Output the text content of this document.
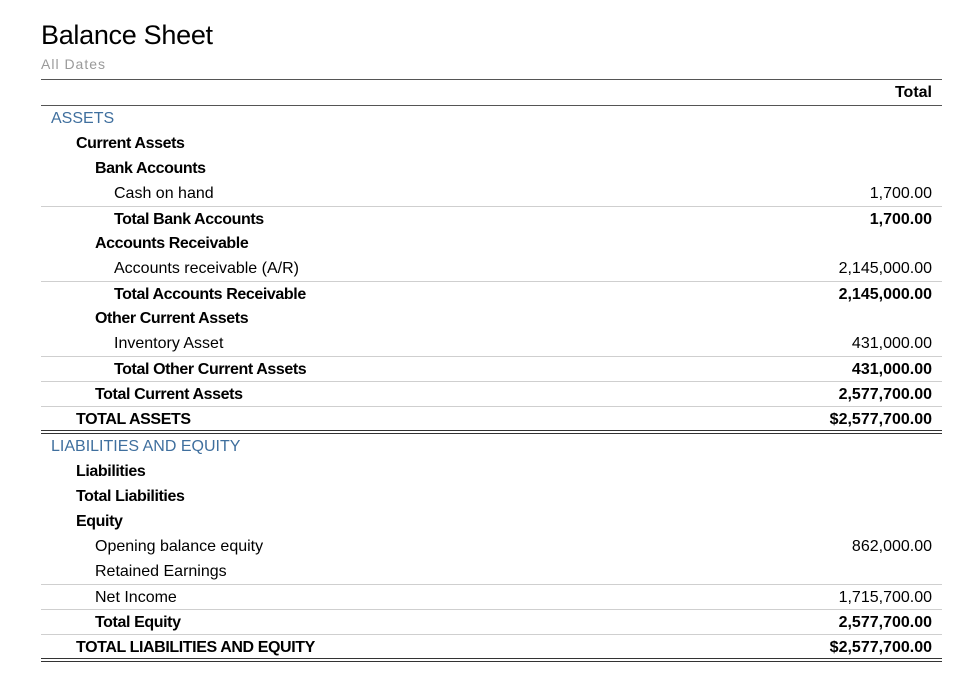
Balance Sheet
All Dates
Total
ASSETS
Current Assets
Bank Accounts
Cash on hand	1,700.00
Total Bank Accounts	1,700.00
Accounts Receivable
Accounts receivable (A/R)	2,145,000.00
Total Accounts Receivable	2,145,000.00
Other Current Assets
Inventory Asset	431,000.00
Total Other Current Assets	431,000.00
Total Current Assets	2,577,700.00
TOTAL ASSETS	$2,577,700.00
LIABILITIES AND EQUITY
Liabilities
Total Liabilities
Equity
Opening balance equity	862,000.00
Retained Earnings
Net Income	1,715,700.00
Total Equity	2,577,700.00
TOTAL LIABILITIES AND EQUITY	$2,577,700.00
